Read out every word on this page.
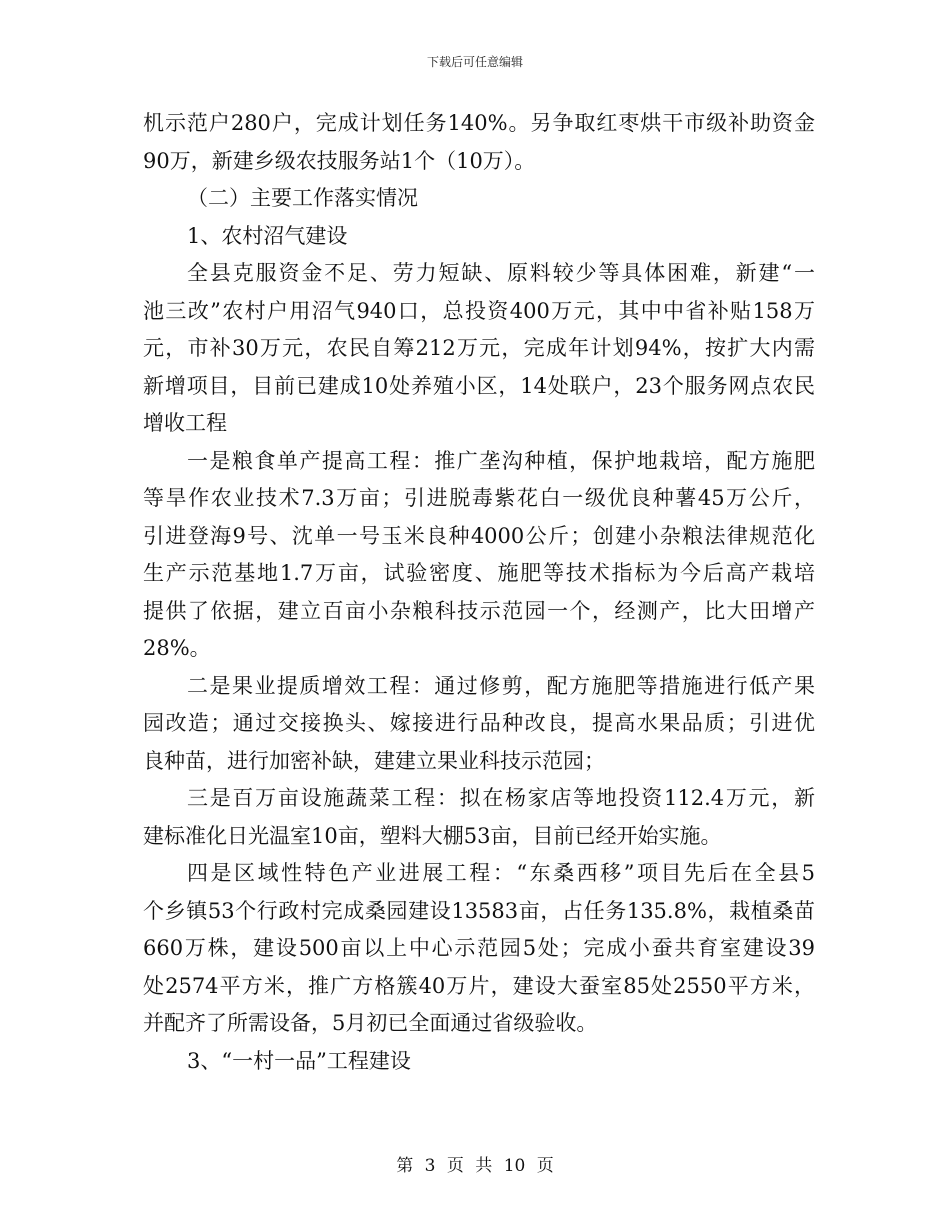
下载后可任意编辑
机示范户280户，完成计划任务140%。另争取红枣烘干市级补助资金
90万，新建乡级农技服务站1个（10万）。
（二）主要工作落实情况
1、农村沼气建设
全县克服资金不足、劳力短缺、原料较少等具体困难，新建“一
池三改”农村户用沼气940口，总投资400万元，其中中省补贴158万
元，市补30万元，农民自筹212万元，完成年计划94%，按扩大内需
新增项目，目前已建成10处养殖小区，14处联户，23个服务网点农民
增收工程
一是粮食单产提高工程：推广垄沟种植，保护地栽培，配方施肥
等旱作农业技术7.3万亩；引进脱毒紫花白一级优良种薯45万公斤，
引进登海9号、沈单一号玉米良种4000公斤；创建小杂粮法律规范化
生产示范基地1.7万亩，试验密度、施肥等技术指标为今后高产栽培
提供了依据，建立百亩小杂粮科技示范园一个，经测产，比大田增产
28%。
二是果业提质增效工程：通过修剪，配方施肥等措施进行低产果
园改造；通过交接换头、嫁接进行品种改良，提高水果品质；引进优
良种苗，进行加密补缺，建建立果业科技示范园；
三是百万亩设施蔬菜工程：拟在杨家店等地投资112.4万元，新
建标准化日光温室10亩，塑料大棚53亩，目前已经开始实施。
四是区域性特色产业进展工程：“东桑西移”项目先后在全县5
个乡镇53个行政村完成桑园建设13583亩，占任务135.8%，栽植桑苗
660万株，建设500亩以上中心示范园5处；完成小蚕共育室建设39
处2574平方米，推广方格簇40万片，建设大蚕室85处2550平方米，
并配齐了所需设备，5月初已全面通过省级验收。
3、“一村一品”工程建设
第 3 页 共 10 页
